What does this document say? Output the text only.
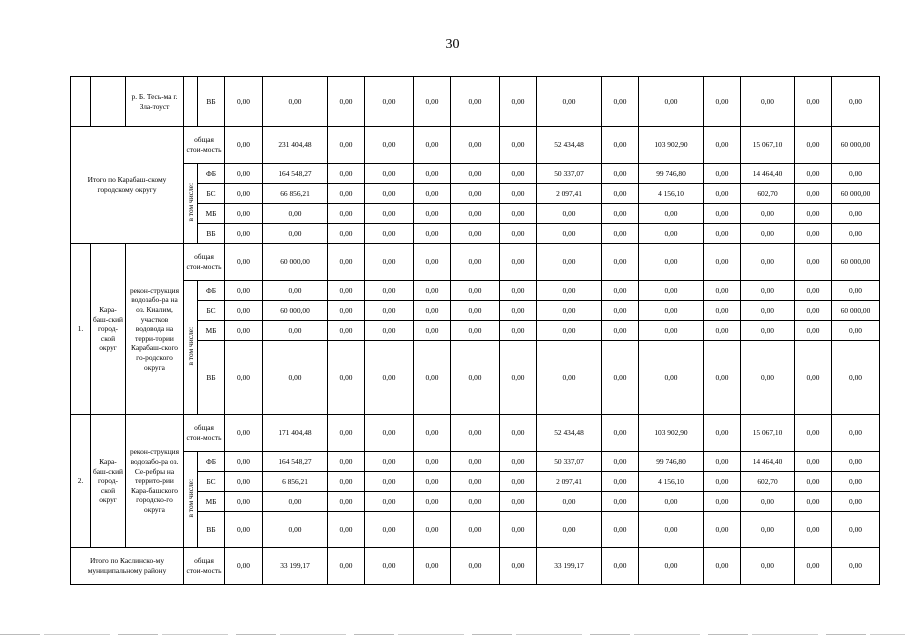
30
		р. Б. Тесь-ма г. Зла-тоуст		ВБ	0,00	0,00	0,00	0,00	0,00	0,00	0,00	0,00	0,00	0,00	0,00	0,00	0,00	0,00
Итого по Карабаш-скому городскому округу			общая стои-мость		0,00	231 404,48	0,00	0,00	0,00	0,00	0,00	52 434,48	0,00	103 902,90	0,00	15 067,10	0,00	60 000,00
			в том числе:	ФБ	0,00	164 548,27	0,00	0,00	0,00	0,00	0,00	50 337,07	0,00	99 746,80	0,00	14 464,40	0,00	0,00
				БС	0,00	66 856,21	0,00	0,00	0,00	0,00	0,00	2 097,41	0,00	4 156,10	0,00	602,70	0,00	60 000,00
				МБ	0,00	0,00	0,00	0,00	0,00	0,00	0,00	0,00	0,00	0,00	0,00	0,00	0,00	0,00
				ВБ	0,00	0,00	0,00	0,00	0,00	0,00	0,00	0,00	0,00	0,00	0,00	0,00	0,00	0,00
1.	Кара-баш-ский город-ской округ	рекон-струкция водозабо-ра на оз. Киалим, участков водовода на терри-тории Карабаш-ского го-родского округа	общая стои-мость		0,00	60 000,00	0,00	0,00	0,00	0,00	0,00	0,00	0,00	0,00	0,00	0,00	0,00	60 000,00
			в том числе:	ФБ	0,00	0,00	0,00	0,00	0,00	0,00	0,00	0,00	0,00	0,00	0,00	0,00	0,00	0,00
				БС	0,00	60 000,00	0,00	0,00	0,00	0,00	0,00	0,00	0,00	0,00	0,00	0,00	0,00	60 000,00
				МБ	0,00	0,00	0,00	0,00	0,00	0,00	0,00	0,00	0,00	0,00	0,00	0,00	0,00	0,00
				ВБ	0,00	0,00	0,00	0,00	0,00	0,00	0,00	0,00	0,00	0,00	0,00	0,00	0,00	0,00
2.	Кара-баш-ский город-ской округ	рекон-струкция водозабо-ра оз. Се-ребры на террито-рии Кара-башского городско-го округа	общая стои-мость		0,00	171 404,48	0,00	0,00	0,00	0,00	0,00	52 434,48	0,00	103 902,90	0,00	15 067,10	0,00	0,00
			в том числе:	ФБ	0,00	164 548,27	0,00	0,00	0,00	0,00	0,00	50 337,07	0,00	99 746,80	0,00	14 464,40	0,00	0,00
				БС	0,00	6 856,21	0,00	0,00	0,00	0,00	0,00	2 097,41	0,00	4 156,10	0,00	602,70	0,00	0,00
				МБ	0,00	0,00	0,00	0,00	0,00	0,00	0,00	0,00	0,00	0,00	0,00	0,00	0,00	0,00
				ВБ	0,00	0,00	0,00	0,00	0,00	0,00	0,00	0,00	0,00	0,00	0,00	0,00	0,00	0,00
Итого по Каслинско-му муниципальному району			общая стои-мость		0,00	33 199,17	0,00	0,00	0,00	0,00	0,00	33 199,17	0,00	0,00	0,00	0,00	0,00	0,00
